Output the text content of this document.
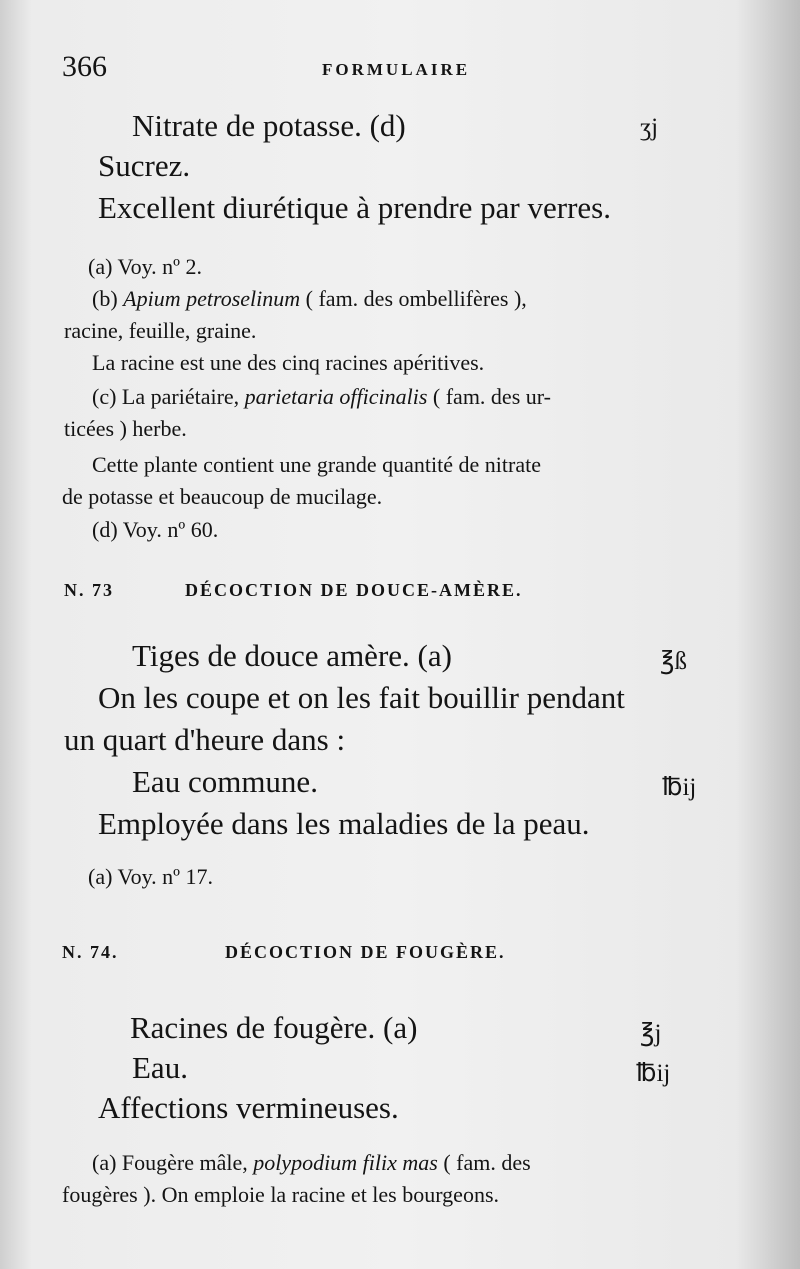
366	FORMULAIRE
Nitrate de potasse. (d)	ʒj
Sucrez.
Excellent diurétique à prendre par verres.
(a) Voy. nº 2.
(b) Apium petroselinum ( fam. des ombellifères ),
racine, feuille, graine.
La racine est une des cinq racines apéritives.
(c) La pariétaire, parietaria officinalis ( fam. des ur-
ticées ) herbe.
Cette plante contient une grande quantité de nitrate
de potasse et beaucoup de mucilage.
(d) Voy. nº 60.
N. 73	DÉCOCTION DE DOUCE-AMÈRE.
Tiges de douce amère. (a)	℥ß
On les coupe et on les fait bouillir pendant
un quart d'heure dans :
Eau commune.	℔ij
Employée dans les maladies de la peau.
(a) Voy. nº 17.
N. 74.	DÉCOCTION DE FOUGÈRE.
Racines de fougère. (a)	℥j
Eau.	℔ij
Affections vermineuses.
(a) Fougère mâle, polypodium filix mas ( fam. des
fougères ). On emploie la racine et les bourgeons.
